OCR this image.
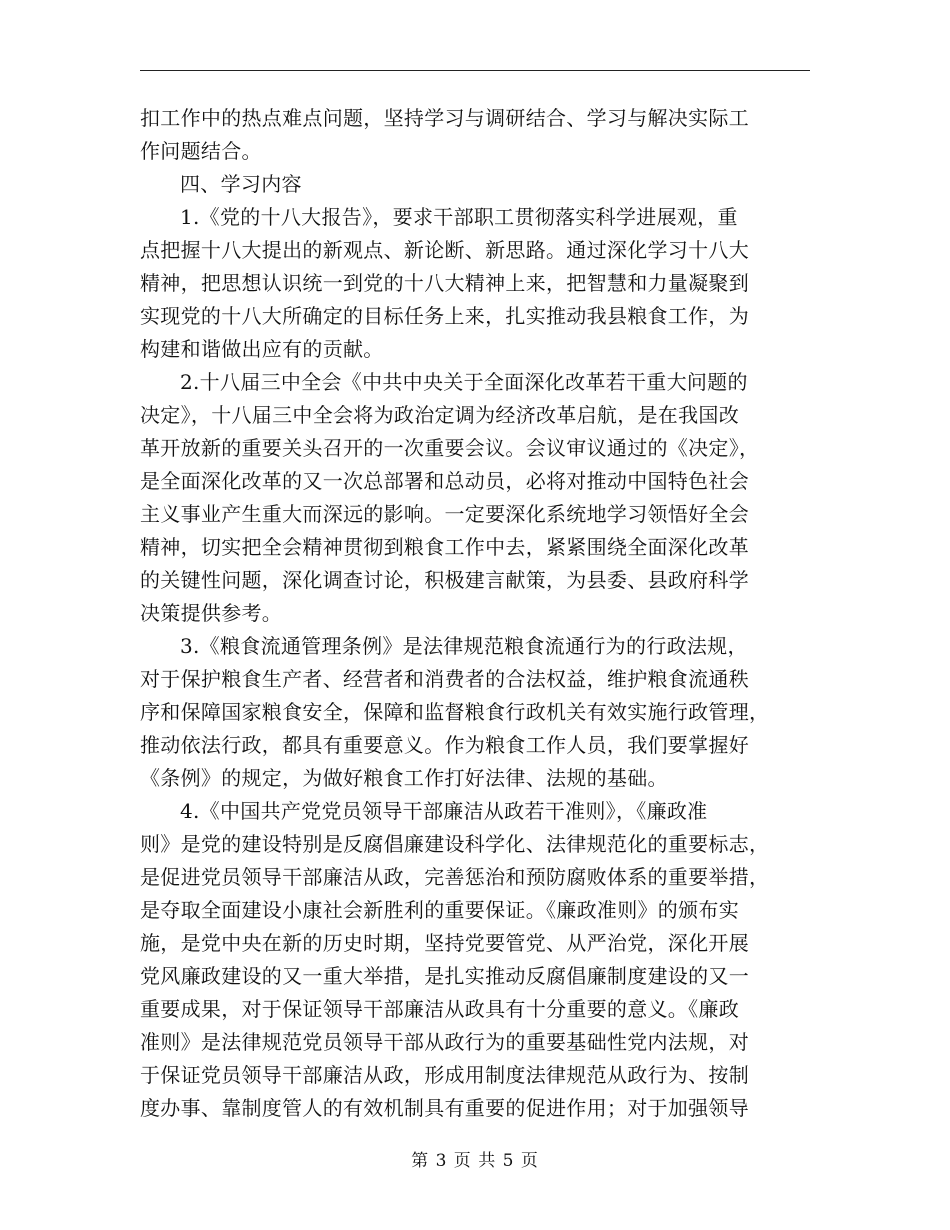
扣工作中的热点难点问题，坚持学习与调研结合、学习与解决实际工
作问题结合。
四、学习内容
1.《党的十八大报告》，要求干部职工贯彻落实科学进展观，重
点把握十八大提出的新观点、新论断、新思路。通过深化学习十八大
精神，把思想认识统一到党的十八大精神上来，把智慧和力量凝聚到
实现党的十八大所确定的目标任务上来，扎实推动我县粮食工作，为
构建和谐做出应有的贡献。
2.十八届三中全会《中共中央关于全面深化改革若干重大问题的
决定》，十八届三中全会将为政治定调为经济改革启航，是在我国改
革开放新的重要关头召开的一次重要会议。会议审议通过的《决定》，
是全面深化改革的又一次总部署和总动员，必将对推动中国特色社会
主义事业产生重大而深远的影响。一定要深化系统地学习领悟好全会
精神，切实把全会精神贯彻到粮食工作中去，紧紧围绕全面深化改革
的关键性问题，深化调查讨论，积极建言献策，为县委、县政府科学
决策提供参考。
3.《粮食流通管理条例》是法律规范粮食流通行为的行政法规，
对于保护粮食生产者、经营者和消费者的合法权益，维护粮食流通秩
序和保障国家粮食安全，保障和监督粮食行政机关有效实施行政管理，
推动依法行政，都具有重要意义。作为粮食工作人员，我们要掌握好
《条例》的规定，为做好粮食工作打好法律、法规的基础。
4.《中国共产党党员领导干部廉洁从政若干准则》，《廉政准
则》是党的建设特别是反腐倡廉建设科学化、法律规范化的重要标志，
是促进党员领导干部廉洁从政，完善惩治和预防腐败体系的重要举措，
是夺取全面建设小康社会新胜利的重要保证。《廉政准则》的颁布实
施，是党中央在新的历史时期，坚持党要管党、从严治党，深化开展
党风廉政建设的又一重大举措，是扎实推动反腐倡廉制度建设的又一
重要成果，对于保证领导干部廉洁从政具有十分重要的意义。《廉政
准则》是法律规范党员领导干部从政行为的重要基础性党内法规，对
于保证党员领导干部廉洁从政，形成用制度法律规范从政行为、按制
度办事、靠制度管人的有效机制具有重要的促进作用；对于加强领导
第 3 页 共 5 页
